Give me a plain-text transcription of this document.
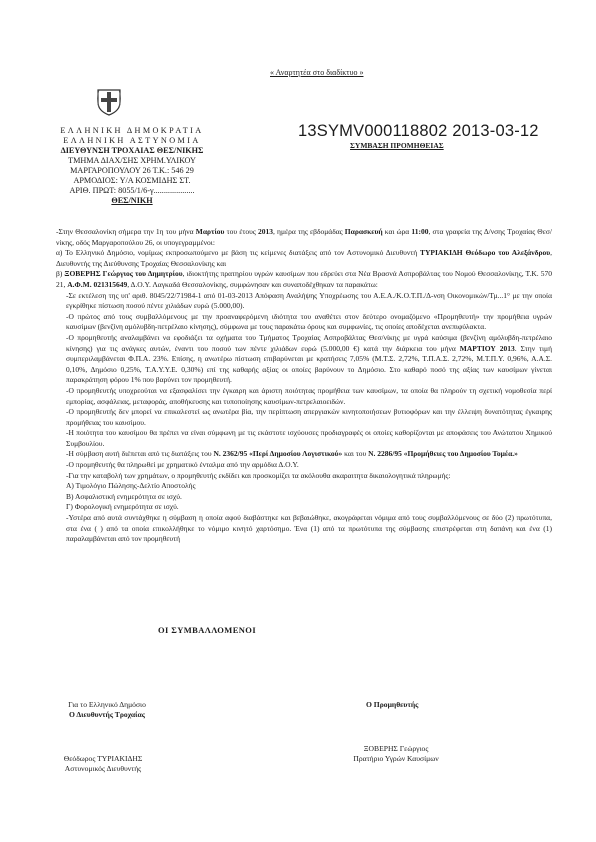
« Αναρτητέα στο διαδίκτυο »
ΕΛΛΗΝΙΚΗ ΔΗΜΟΚΡΑΤΙΑ
ΕΛΛΗΝΙΚΗ ΑΣΤΥΝΟΜΙΑ
ΔΙΕΥΘΥΝΣΗ ΤΡΟΧΑΙΑΣ ΘΕΣ/ΝΙΚΗΣ
ΤΜΗΜΑ ΔΙΑΧ/ΣΗΣ ΧΡΗΜ.ΥΛΙΚΟΥ
ΜΑΡΓΑΡΟΠΟΥΛΟΥ 26 Τ.Κ.: 546 29
ΑΡΜΟΔΙΟΣ: Υ/Α ΚΟΣΜΙΔΗΣ ΣΤ.
ΑΡΙΘ. ΠΡΩΤ: 8055/1/6-γ....................
ΘΕΣ/ΝΙΚΗ
13SYMV000118802 2013-03-12
ΣΥΜΒΑΣΗ ΠΡΟΜΗΘΕΙΑΣ

-Στην Θεσσαλονίκη σήμερα την 1η του μήνα Μαρτίου του έτους 2013, ημέρα της εβδομάδας Παρασκευή και ώρα 11:00, στα γραφεία της Δ/νσης Τροχαίας Θεσ/νίκης, οδός Μαργαροπούλου 26, οι υπογεγραμμένοι:

α) Το Ελληνικό Δημόσιο, νομίμως εκπροσωπούμενο με βάση τις κείμενες διατάξεις από τον Αστυνομικό Διευθυντή ΤΥΡΙΑΚΙΔΗ Θεόδωρο του Αλεξάνδρου, Διευθυντής της Διεύθυνσης Τροχαίας Θεσσαλονίκης και

β) ΞΟΒΕΡΗΣ Γεώργιος του Δημητρίου, ιδιοκτήτης πρατηρίου υγρών καυσίμων που εδρεύει στα Νέα Βρασνά Ασπροβάλτας του Νομού Θεσσαλονίκης, Τ.Κ. 570 21, Α.Φ.Μ. 021315649, Δ.Ο.Υ. Λαγκαδά Θεσσαλονίκης, συμφώνησαν και συναποδέχθηκαν τα παρακάτω:

-Σε εκτέλεση της υπ' αριθ. 8045/22/71984-1 από 01-03-2013 Απόφαση Αναλήψης Υποχρέωσης του Α.Ε.Α./Κ.Ο.Τ.Π./Δ-νση Οικονομικών/Τμ...1° με την οποία εγκρίθηκε πίστωση ποσού πέντε χιλιάδων ευρώ (5.000,00).

-Ο πρώτος από τους συμβαλλόμενους με την προαναφερόμενη ιδιότητα του αναθέτει στον δεύτερο ονομαζόμενο «Προμηθευτή» την προμήθεια υγρών καυσίμων (βενζίνη αμόλυβδη-πετρέλαιο κίνησης), σύμφωνα με τους παρακάτω όρους και συμφωνίες, τις οποίες αποδέχεται ανεπιφύλακτα.

-Ο προμηθευτής αναλαμβάνει να εφοδιάζει τα οχήματα του Τμήματος Τροχαίας Ασπροβάλτας Θεσ/νίκης με υγρά καύσιμα (βενζίνη αμόλυβδη-πετρέλαιο κίνησης) για τις ανάγκες αυτών, έναντι του ποσού των πέντε χιλιάδων ευρώ (5.000,00 €) κατά την διάρκεια του μήνα ΜΑΡΤΙΟΥ 2013. Στην τιμή συμπεριλαμβάνεται Φ.Π.Α. 23%. Επίσης, η ανωτέρω πίστωση επιβαρύνεται με κρατήσεις 7,05% (Μ.Τ.Σ. 2,72%, Τ.Π.Α.Σ. 2,72%, Μ.Τ.Π.Υ. 0,96%, Α.Α.Σ. 0,10%, Δημόσιο 0,25%, Τ.Α.Υ.Υ.Ε. 0,30%) επί της καθαρής αξίας οι οποίες βαρύνουν το Δημόσιο. Στο καθαρό ποσό της αξίας των καυσίμων γίνεται παρακράτηση φόρου 1% που βαρύνει τον προμηθευτή.

-Ο προμηθευτής υποχρεούται να εξασφαλίσει την έγκαιρη και άριστη ποιότητας προμήθεια των καυσίμων, τα οποία θα πληρούν τη σχετική νομοθεσία περί εμπορίας, ασφάλειας, μεταφοράς, αποθήκευσης και τυποποίησης καυσίμων-πετρελαιοειδών.

-Ο προμηθευτής δεν μπορεί να επικαλεστεί ως ανωτέρα βία, την περίπτωση απεργιακών κινητοποιήσεων βυτιοφόρων και την έλλειψη δυνατότητας έγκαιρης προμήθειας του καυσίμου.

-Η ποιότητα του καυσίμου θα πρέπει να είναι σύμφωνη με τις εκάστοτε ισχύουσες προδιαγραφές οι οποίες καθορίζονται με αποφάσεις του Ανώτατου Χημικού Συμβουλίου.

-Η σύμβαση αυτή διέπεται από τις διατάξεις του Ν. 2362/95 «Περί Δημοσίου Λογιστικού» και του Ν. 2286/95 «Προμήθειες του Δημοσίου Τομέα.»

-Ο προμηθευτής θα πληρωθεί με χρηματικό ένταλμα από την αρμόδια Δ.Ο.Υ.

-Για την καταβολή των χρημάτων, ο προμηθευτής εκδίδει και προσκομίζει τα ακόλουθα ακαραιτητα δικαιολογητικά πληρωμής:

Α) Τιμολόγιο Πώλησης-Δελτίο Αποστολής

Β) Ασφαλιστική ενημερότητα σε ισχύ.

Γ) Φορολογική ενημερότητα σε ισχύ.

-Υστέρα από αυτά συντάχθηκε η σύμβαση η οποία αφού διαβάστηκε και βεβαιώθηκε, ακογράφεται νόμιμα από τους συμβαλλόμενους σε δύο (2) πρωτότυπα, στα ένα ( ) από τα οποία επικολλήθηκε το νόμιμο κινητό χαρτόσημο. Ένα (1) από τα πρωτότυπα της σύμβασης επιστρέφεται στη δαπάνη και ένα (1) παραλαμβάνεται από τον προμηθευτή

ΟΙ ΣΥΜΒΑΛΛΟΜΕΝΟΙ
Για το Ελληνικό Δημόσιο
Ο Διευθυντής Τροχαίας
Ο Προμηθευτής
Θεόδωρος ΤΥΡΙΑΚΙΔΗΣ
Αστυνομικός Διευθυντής
ΞΟΒΕΡΗΣ Γεώργιος
Πρατήριο Υγρών Καυσίμων
